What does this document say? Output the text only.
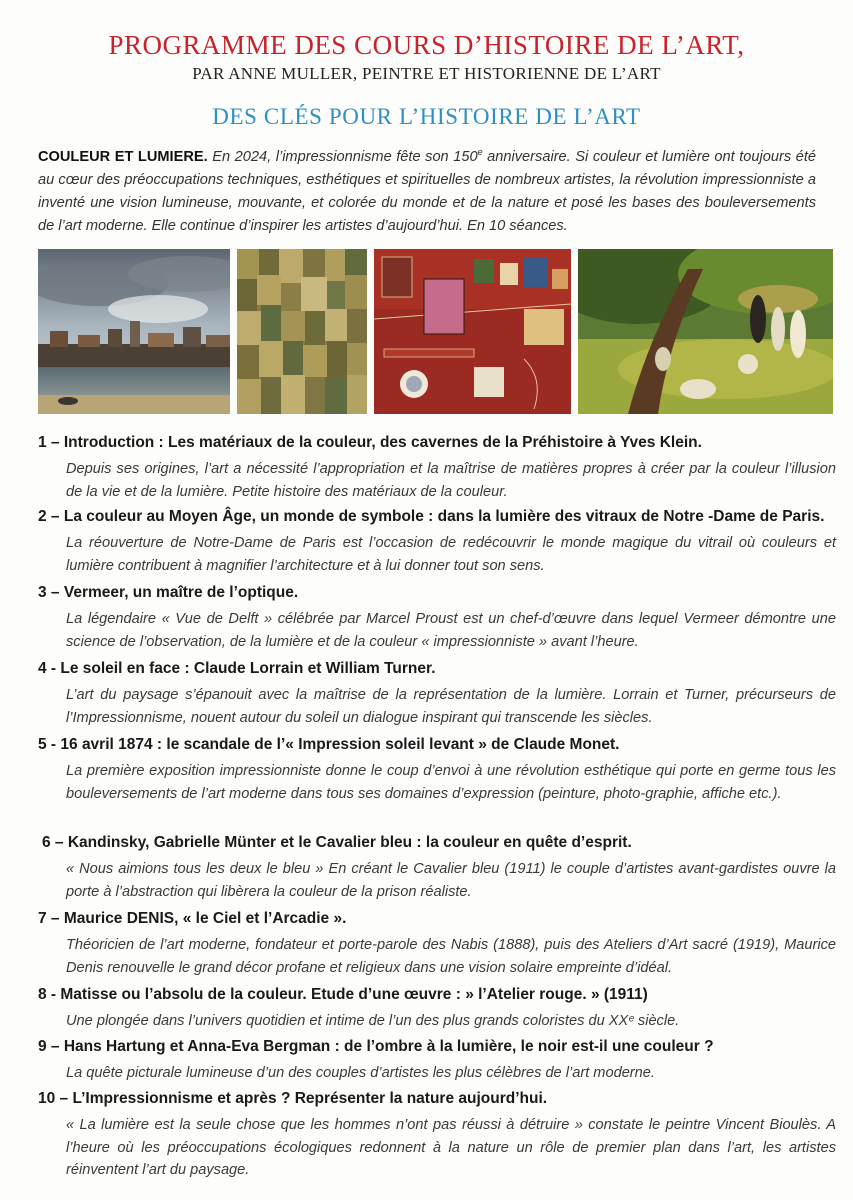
PROGRAMME DES COURS D’HISTOIRE DE L’ART,
PAR ANNE MULLER, PEINTRE ET HISTORIENNE DE L’ART
DES CLÉS POUR L’HISTOIRE DE L’ART
COULEUR ET LUMIERE. En 2024, l’impressionnisme fête son 150e anniversaire. Si couleur et lumière ont toujours été au cœur des préoccupations techniques, esthétiques et spirituelles de nombreux artistes, la révolution impressionniste a inventé une vision lumineuse, mouvante, et colorée du monde et de la nature et posé les bases des bouleversements de l’art moderne. Elle continue d’inspirer les artistes d’aujourd’hui. En 10 séances.
1 – Introduction : Les matériaux de la couleur, des cavernes de la Préhistoire à Yves Klein.
Depuis ses origines, l’art a nécessité l’appropriation et la maîtrise de matières propres à créer par la couleur l’illusion de la vie et de la lumière. Petite histoire des matériaux de la couleur.
2 – La couleur au Moyen Âge, un monde de symbole : dans la lumière des vitraux de Notre -Dame de Paris.
La réouverture de Notre-Dame de Paris est l’occasion de redécouvrir le monde magique du vitrail où couleurs et lumière contribuent à magnifier l’architecture et à lui donner tout son sens.
3 – Vermeer, un maître de l’optique.
La légendaire « Vue de Delft » célébrée par Marcel Proust est un chef-d’œuvre dans lequel Vermeer démontre une science de l’observation, de la lumière et de la couleur « impressionniste » avant l’heure.
4 - Le soleil en face : Claude Lorrain et William Turner.
L’art du paysage s’épanouit avec la maîtrise de la représentation de la lumière. Lorrain et Turner, précurseurs de l’Impressionnisme, nouent autour du soleil un dialogue inspirant qui transcende les siècles.
5 - 16 avril 1874 : le scandale de l’« Impression soleil levant » de Claude Monet.
La première exposition impressionniste donne le coup d’envoi à une révolution esthétique qui porte en germe tous les bouleversements de l’art moderne dans tous ses domaines d’expression (peinture, photo-graphie, affiche etc.).
6 – Kandinsky, Gabrielle Münter et le Cavalier bleu : la couleur en quête d’esprit.
« Nous aimions tous les deux le bleu » En créant le Cavalier bleu (1911) le couple d’artistes avant-gardistes ouvre la porte à l’abstraction qui libèrera la couleur de la prison réaliste.
7 – Maurice DENIS, « le Ciel et l’Arcadie ».
Théoricien de l’art moderne, fondateur et porte-parole des Nabis (1888), puis des Ateliers d’Art sacré (1919), Maurice Denis renouvelle le grand décor profane et religieux dans une vision solaire empreinte d’idéal.
8 - Matisse ou l’absolu de la couleur. Etude d’une œuvre : » l’Atelier rouge. » (1911)
Une plongée dans l’univers quotidien et intime de l’un des plus grands coloristes du XXᵉ siècle.
9 – Hans Hartung et Anna-Eva Bergman : de l’ombre à la lumière, le noir est-il une couleur ?
La quête picturale lumineuse d’un des couples d’artistes les plus célèbres de l’art moderne.
10 – L’Impressionnisme et après ? Représenter la nature aujourd’hui.
« La lumière est la seule chose que les hommes n’ont pas réussi à détruire » constate le peintre Vincent Bioulès. A l’heure où les préoccupations écologiques redonnent à la nature un rôle de premier plan dans l’art, les artistes réinventent l’art du paysage.
